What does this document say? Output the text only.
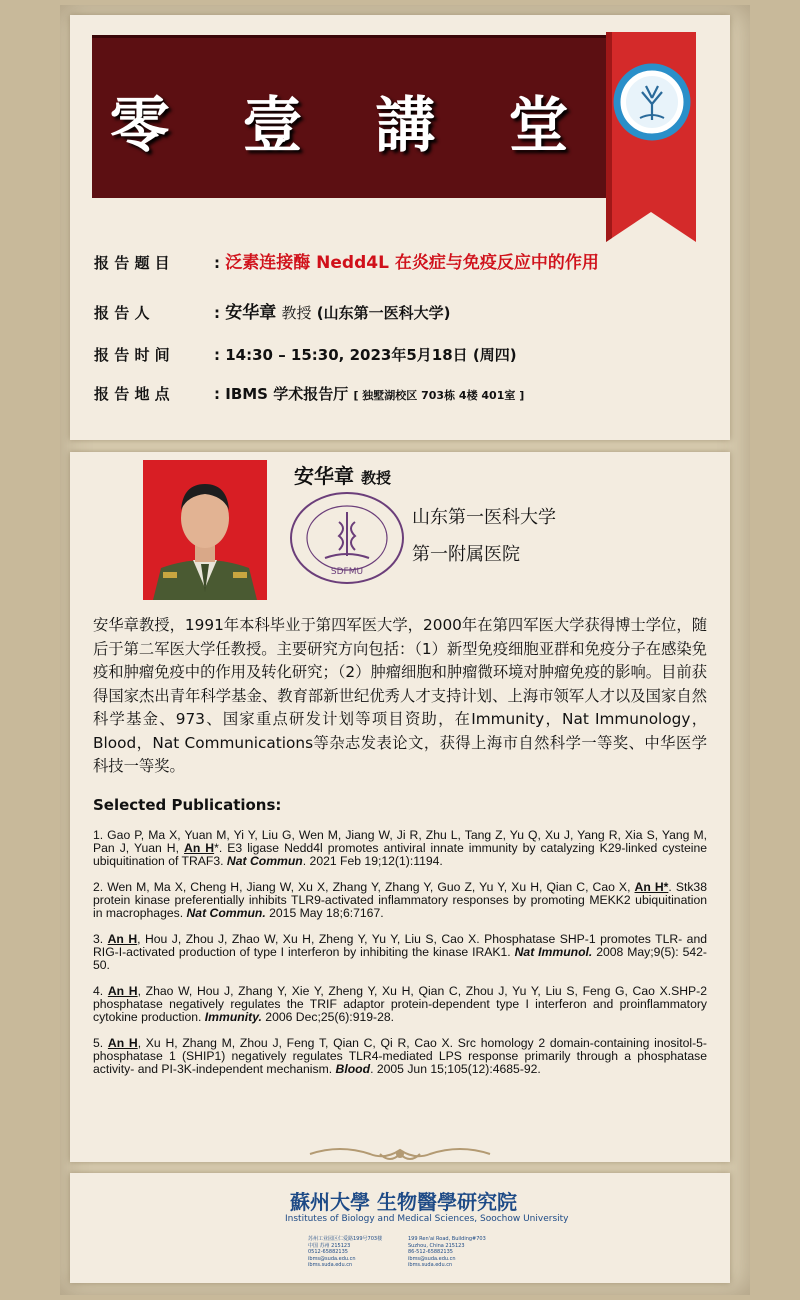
零 壹 講 堂
报 告 题 目	: 泛素连接酶 Nedd4L 在炎症与免疫反应中的作用
报 告 人	: 安华章 教授 (山东第一医科大学)
报 告 时 间	: 14:30 – 15:30, 2023年5月18日 (周四)
报 告 地 点	: IBMS 学术报告厅 [ 独墅湖校区 703栋 4楼 401室 ]
安华章 教授
SDFMU
山东第一医科大学
第一附属医院
安华章教授，1991年本科毕业于第四军医大学，2000年在第四军医大学获得博士学位，随后于第二军医大学任教授。主要研究方向包括：（1）新型免疫细胞亚群和免疫分子在感染免疫和肿瘤免疫中的作用及转化研究；（2）肿瘤细胞和肿瘤微环境对肿瘤免疫的影响。目前获得国家杰出青年科学基金、教育部新世纪优秀人才支持计划、上海市领军人才以及国家自然科学基金、973、国家重点研发计划等项目资助，在Immunity，Nat Immunology，Blood，Nat Communications等杂志发表论文，获得上海市自然科学一等奖、中华医学科技一等奖。
Selected Publications:

1. Gao P, Ma X, Yuan M, Yi Y, Liu G, Wen M, Jiang W, Ji R, Zhu L, Tang Z, Yu Q, Xu J, Yang R, Xia S, Yang M, Pan J, Yuan H, An H*. E3 ligase Nedd4l promotes antiviral innate immunity by catalyzing K29-linked cysteine ubiquitination of TRAF3. Nat Commun. 2021 Feb 19;12(1):1194.

2. Wen M, Ma X, Cheng H, Jiang W, Xu X, Zhang Y, Zhang Y, Guo Z, Yu Y, Xu H, Qian C, Cao X, An H*. Stk38 protein kinase preferentially inhibits TLR9-activated inflammatory responses by promoting MEKK2 ubiquitination in macrophages. Nat Commun. 2015 May 18;6:7167.

3. An H, Hou J, Zhou J, Zhao W, Xu H, Zheng Y, Yu Y, Liu S, Cao X. Phosphatase SHP-1 promotes TLR- and RIG-I-activated production of type I interferon by inhibiting the kinase IRAK1. Nat Immunol. 2008 May;9(5): 542-50.

4. An H, Zhao W, Hou J, Zhang Y, Xie Y, Zheng Y, Xu H, Qian C, Zhou J, Yu Y, Liu S, Feng G, Cao X.SHP-2 phosphatase negatively regulates the TRIF adaptor protein-dependent type I interferon and proinflammatory cytokine production. Immunity. 2006 Dec;25(6):919-28.

5. An H, Xu H, Zhang M, Zhou J, Feng T, Qian C, Qi R, Cao X. Src homology 2 domain-containing inositol-5-phosphatase 1 (SHIP1) negatively regulates TLR4-mediated LPS response primarily through a phosphatase activity- and PI-3K-independent mechanism. Blood. 2005 Jun 15;105(12):4685-92.

蘇州大學 生物醫學研究院
Institutes of Biology and Medical Sciences, Soochow University
苏州工业园区仁爱路199号703楼
中国 苏州 215123
0512-65882135
ibms@suda.edu.cn
ibms.suda.edu.cn
199 Ren'ai Road, Building#703
Suzhou, China 215123
86-512-65882135
ibms@suda.edu.cn
ibms.suda.edu.cn
